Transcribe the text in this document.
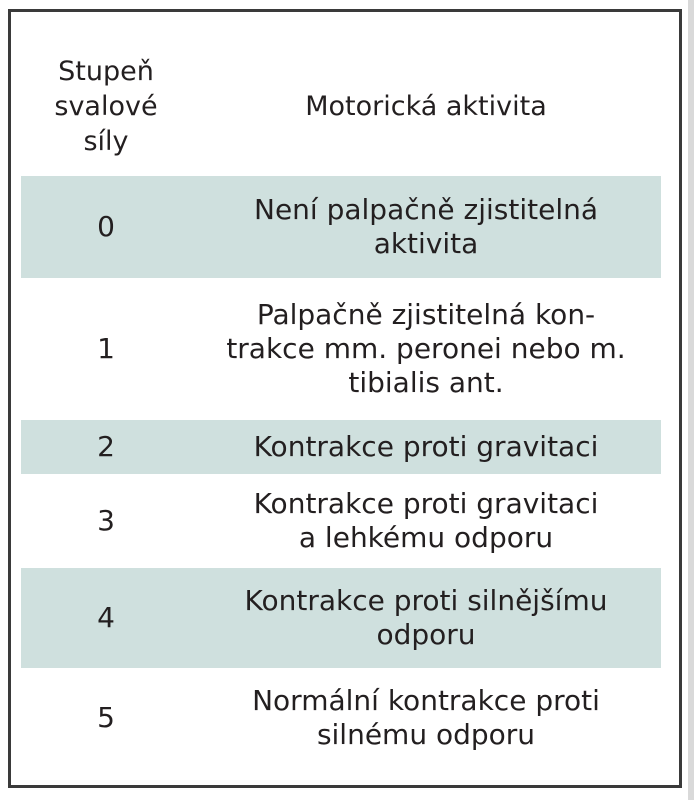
Stupeň
svalové
síly	Motorická aktivita
0	Není palpačně zjistitelná
aktivita

1	Palpačně zjistitelná kon-
trakce mm. peronei nebo m.
tibialis ant.

2	Kontrakce proti gravitaci

3	Kontrakce proti gravitaci
a lehkému odporu

4	Kontrakce proti silnějšímu
odporu

5	Normální kontrakce proti
silnému odporu
